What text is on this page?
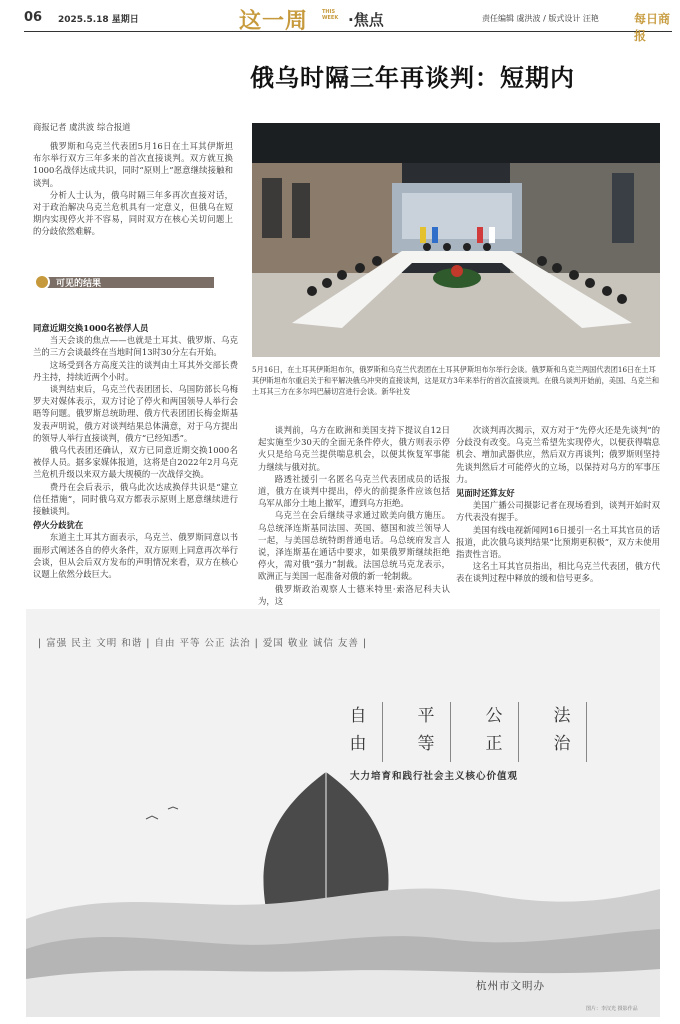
06 2025.5.18 星期日	这一周	THIS WEEK ·焦点	责任编辑 虞洪波 / 版式设计 汪艳	每日商报
俄乌时隔三年再谈判：短期内
商报记者 虞洪波 综合报道

俄罗斯和乌克兰代表团5月16日在土耳其伊斯坦布尔举行双方三年多来的首次直接谈判。双方就互换1000名战俘达成共识，同时“原则上”愿意继续接触和谈判。

分析人士认为，俄乌时隔三年多再次直接对话，对于政治解决乌克兰危机具有一定意义，但俄乌在短期内实现停火并不容易，同时双方在核心关切问题上的分歧依然难解。

可见的结果
5月16日，在土耳其伊斯坦布尔，俄罗斯和乌克兰代表团在土耳其伊斯坦布尔举行会谈。俄罗斯和乌克兰两国代表团16日在土耳其伊斯坦布尔重启关于和平解决俄乌冲突的直接谈判，这是双方3年来举行的首次直接谈判。在俄乌谈判开始前，美国、乌克兰和土耳其三方在多尔玛巴赫切宫进行会谈。新华社发

同意近期交换1000名被俘人员

当天会谈的焦点——也就是土耳其、俄罗斯、乌克兰的三方会谈最终在当地时间13时30分左右开始。

这场受到各方高度关注的谈判由土耳其外交部长费丹主持，持续近两个小时。

谈判结束后，乌克兰代表团团长、乌国防部长乌梅罗夫对媒体表示，双方讨论了停火和两国领导人举行会晤等问题。俄罗斯总统助理、俄方代表团团长梅金斯基发表声明说，俄方对谈判结果总体满意，对于乌方提出的领导人举行直接谈判，俄方“已经知悉”。

俄乌代表团还确认，双方已同意近期交换1000名被俘人员。据多家媒体报道，这将是自2022年2月乌克兰危机升级以来双方最大规模的一次战俘交换。

费丹在会后表示，俄乌此次达成换俘共识是“建立信任措施”，同时俄乌双方都表示原则上愿意继续进行接触谈判。

停火分歧犹在

东道主土耳其方面表示，乌克兰、俄罗斯同意以书面形式阐述各自的停火条件，双方原则上同意再次举行会谈，但从会后双方发布的声明情况来看，双方在核心议题上依然分歧巨大。

谈判前，乌方在欧洲和美国支持下提议自12日起实施至少30天的全面无条件停火，俄方则表示停火只是给乌克兰提供喘息机会，以便其恢复军事能力继续与俄对抗。

路透社援引一名匿名乌克兰代表团成员的话报道，俄方在谈判中提出，停火的前提条件应该包括乌军从部分土地上撤军，遭到乌方拒绝。

乌克兰在会后继续寻求通过欧美向俄方施压。乌总统泽连斯基同法国、英国、德国和波兰领导人一起，与美国总统特朗普通电话。乌总统府发言人说，泽连斯基在通话中要求，如果俄罗斯继续拒绝停火，需对俄“强力”制裁。法国总统马克龙表示，欧洲正与美国一起准备对俄的新一轮制裁。

俄罗斯政治观察人士德米特里·索洛尼科夫认为，这

次谈判再次揭示，双方对于“先停火还是先谈判”的分歧没有改变。乌克兰希望先实现停火，以便获得喘息机会、增加武器供应，然后双方再谈判；俄罗斯则坚持先谈判然后才可能停火的立场，以保持对乌方的军事压力。

见面时还算友好

美国广播公司摄影记者在现场看到，谈判开始时双方代表没有握手。

美国有线电视新闻网16日援引一名土耳其官员的话报道，此次俄乌谈判结果“比预期更积极”，双方未使用指责性言语。

这名土耳其官员指出，相比乌克兰代表团，俄方代表在谈判过程中释放的缓和信号更多。

| 富强 民主 文明 和谐 | 自由 平等 公正 法治 | 爱国 敬业 诚信 友善 |
自
由
平
等
公
正
法
治
大力培育和践行社会主义核心价值观
杭州市文明办
图片：李汉光 摄影作品
